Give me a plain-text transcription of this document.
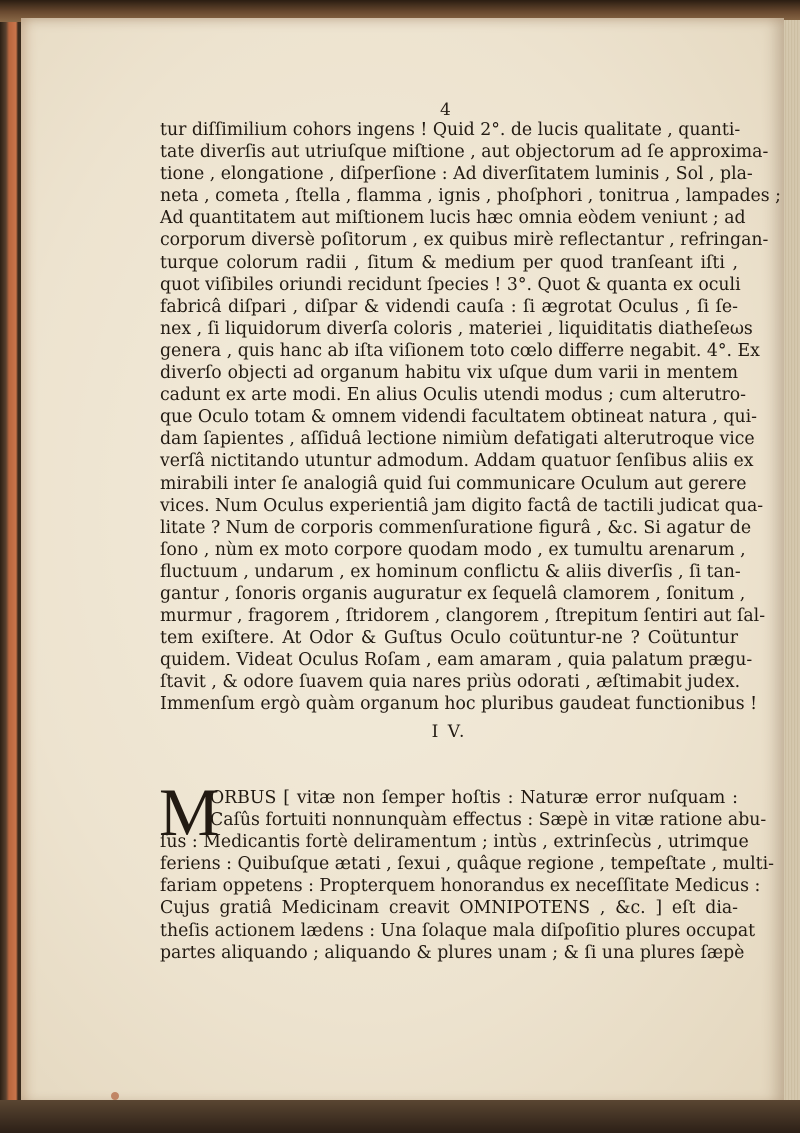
4
tur diſſimilium cohors ingens ! Quid 2°. de lucis qualitate , quanti-
tate diverſis aut utriuſque miſtione , aut objectorum ad ſe approxima-
tione , elongatione , diſperſione : Ad diverſitatem luminis , Sol , pla-
neta , cometa , ſtella , flamma , ignis , phoſphori , tonitrua , lampades ;
Ad quantitatem aut miſtionem lucis hæc omnia eòdem veniunt ; ad
corporum diversè poſitorum , ex quibus mirè reflectantur , refringan-
turque colorum radii , ſitum & medium per quod tranſeant iſti ,
quot viſibiles oriundi recidunt ſpecies ! 3°. Quot & quanta ex oculi
fabricâ diſpari , diſpar & videndi cauſa : ſi ægrotat Oculus , ſi ſe-
nex , ſi liquidorum diverſa coloris , materiei , liquiditatis diatheſeωs
genera , quis hanc ab iſta viſionem toto cœlo differre negabit. 4°. Ex
diverſo objecti ad organum habitu vix uſque dum varii in mentem
cadunt ex arte modi. En alius Oculis utendi modus ; cum alterutro-
que Oculo totam & omnem videndi facultatem obtineat natura , qui-
dam ſapientes , aſſiduâ lectione nimiùm defatigati alterutroque vice
verſâ nictitando utuntur admodum. Addam quatuor ſenſibus aliis ex
mirabili inter ſe analogiâ quid ſui communicare Oculum aut gerere
vices. Num Oculus experientiâ jam digito factâ de tactili judicat qua-
litate ? Num de corporis commenſuratione figurâ , &c. Si agatur de
ſono , nùm ex moto corpore quodam modo , ex tumultu arenarum ,
fluctuum , undarum , ex hominum conflictu & aliis diverſis , ſi tan-
gantur , ſonoris organis auguratur ex ſequelâ clamorem , ſonitum ,
murmur , fragorem , ſtridorem , clangorem , ſtrepitum ſentiri aut ſal-
tem exiſtere. At Odor & Guſtus Oculo coütuntur-ne ? Coütuntur
quidem. Videat Oculus Roſam , eam amaram , quia palatum prægu-
ſtavit , & odore ſuavem quia nares priùs odorati , æſtimabit judex.
Immenſum ergò quàm organum hoc pluribus gaudeat functionibus !
I V.
M
ORBUS [ vitæ non ſemper hoſtis : Naturæ error nuſquam :
Caſûs fortuiti nonnunquàm effectus : Sæpè in vitæ ratione abu-
ſus : Medicantis fortè deliramentum ; intùs , extrinſecùs , utrimque
feriens : Quibuſque ætati , ſexui , quâque regione , tempeſtate , multi-
fariam oppetens : Propterquem honorandus ex neceſſitate Medicus :
Cujus gratiâ Medicinam creavit OMNIPOTENS , &c. ] eſt dia-
theſis actionem lædens : Una ſolaque mala diſpoſitio plures occupat
partes aliquando ; aliquando & plures unam ; & ſi una plures ſæpè
